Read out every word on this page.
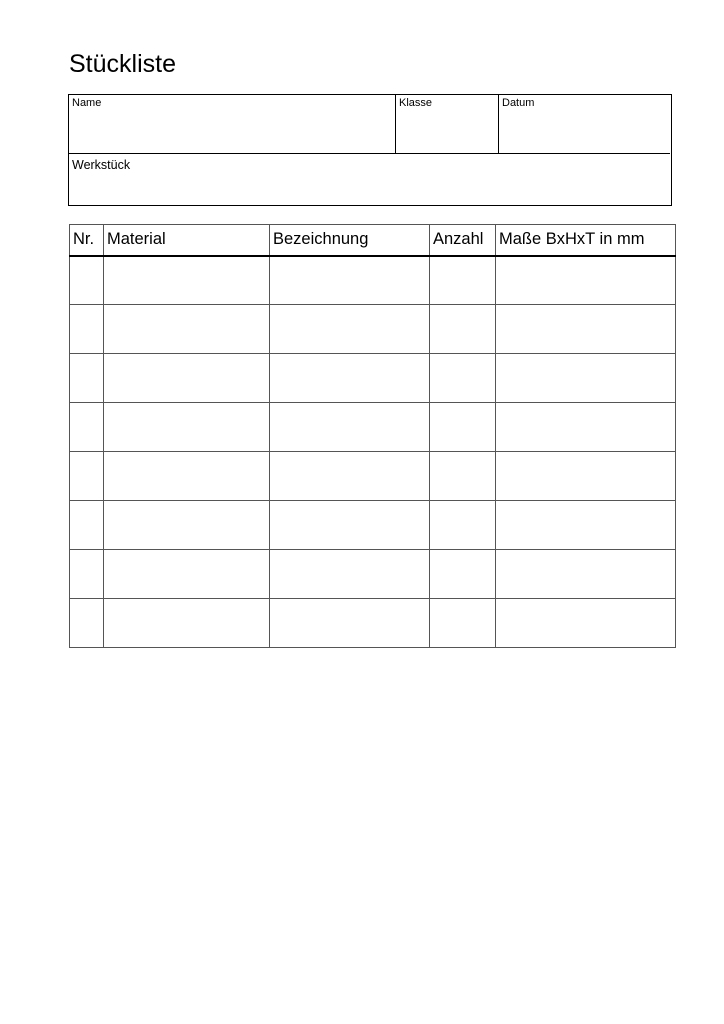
Stückliste
Name	Klasse	Datum
Werkstück
Nr.	Material	Bezeichnung	Anzahl	Maße BxHxT in mm
